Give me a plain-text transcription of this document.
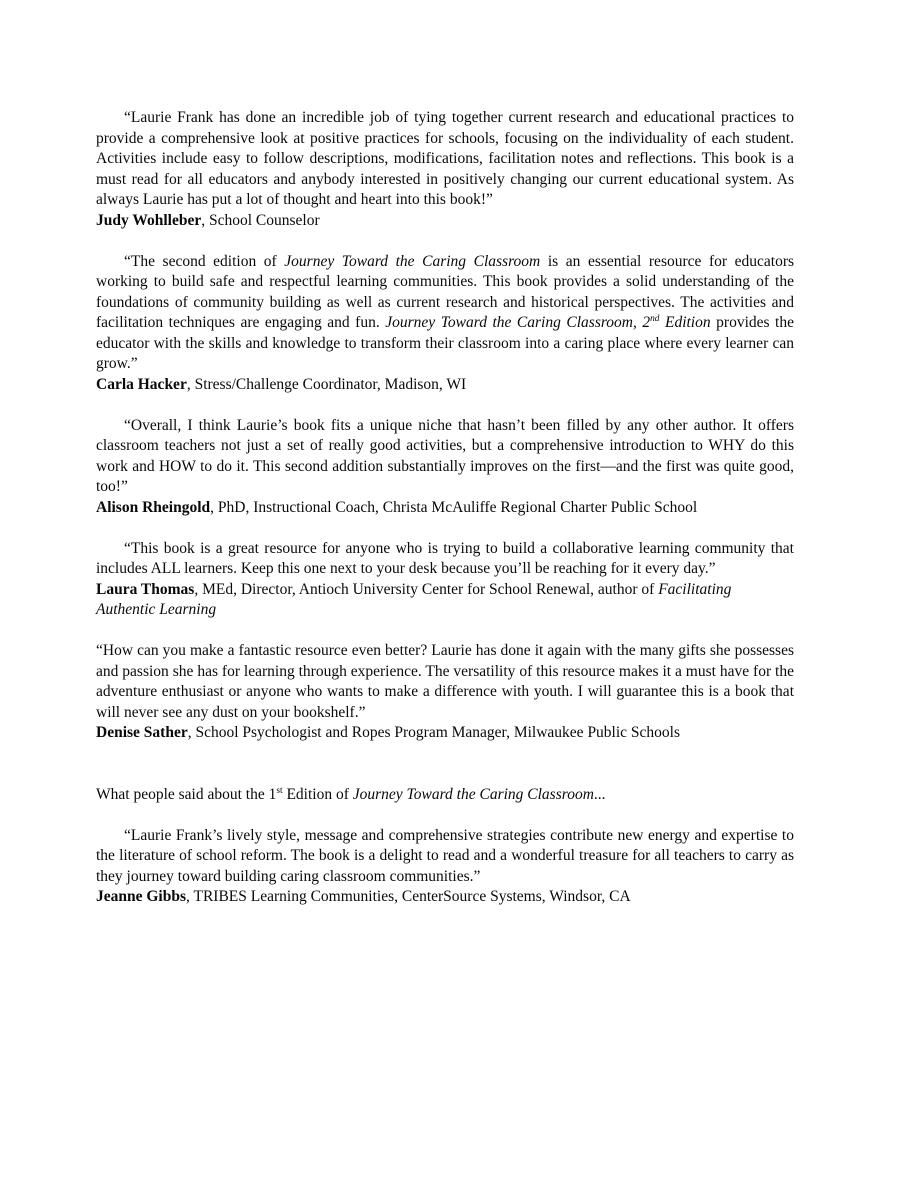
“Laurie Frank has done an incredible job of tying together current research and educational practices to provide a comprehensive look at positive practices for schools, focusing on the individuality of each student. Activities include easy to follow descriptions, modifications, facilitation notes and reflections. This book is a must read for all educators and anybody interested in positively changing our current educational system. As always Laurie has put a lot of thought and heart into this book!”

Judy Wohlleber, School Counselor

“The second edition of Journey Toward the Caring Classroom is an essential resource for educators working to build safe and respectful learning communities. This book provides a solid understanding of the foundations of community building as well as current research and historical perspectives. The activities and facilitation techniques are engaging and fun. Journey Toward the Caring Classroom, 2nd Edition provides the educator with the skills and knowledge to transform their classroom into a caring place where every learner can grow.”

Carla Hacker, Stress/Challenge Coordinator, Madison, WI

“Overall, I think Laurie’s book fits a unique niche that hasn’t been filled by any other author. It offers classroom teachers not just a set of really good activities, but a comprehensive introduction to WHY do this work and HOW to do it. This second addition substantially improves on the first—and the first was quite good, too!”

Alison Rheingold, PhD, Instructional Coach, Christa McAuliffe Regional Charter Public School

“This book is a great resource for anyone who is trying to build a collaborative learning community that includes ALL learners. Keep this one next to your desk because you’ll be reaching for it every day.”

Laura Thomas, MEd, Director, Antioch University Center for School Renewal, author of Facilitating Authentic Learning

“How can you make a fantastic resource even better? Laurie has done it again with the many gifts she possesses and passion she has for learning through experience. The versatility of this resource makes it a must have for the adventure enthusiast or anyone who wants to make a difference with youth. I will guarantee this is a book that will never see any dust on your bookshelf.”

Denise Sather, School Psychologist and Ropes Program Manager, Milwaukee Public Schools

What people said about the 1st Edition of Journey Toward the Caring Classroom...

“Laurie Frank’s lively style, message and comprehensive strategies contribute new energy and expertise to the literature of school reform. The book is a delight to read and a wonderful treasure for all teachers to carry as they journey toward building caring classroom communities.”

Jeanne Gibbs, TRIBES Learning Communities, CenterSource Systems, Windsor, CA
